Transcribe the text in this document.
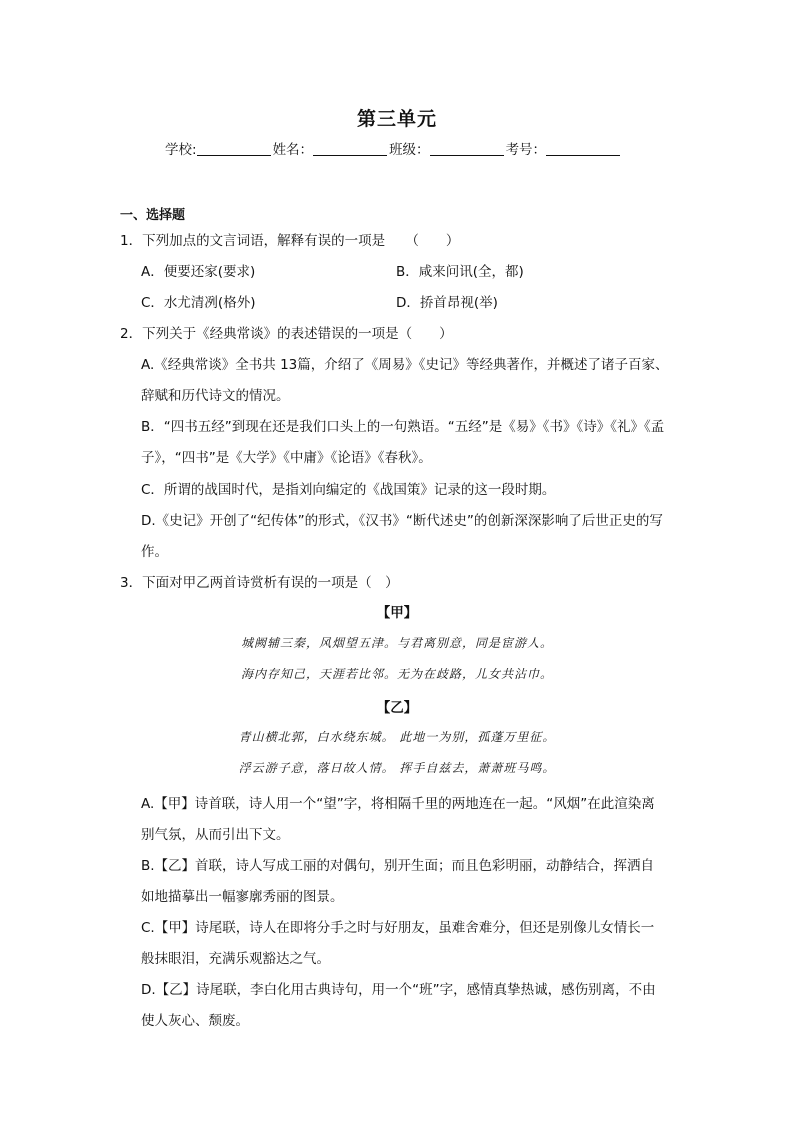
第三单元
学校:	姓名：	班级：	考号：
一、选择题
1．下列加点的文言词语，解释有误的一项是　　（　　）
A．便要还家(要求)	B．咸来问讯(全，都)
C．水尤清冽(格外)	D．挢首昂视(举)
2．下列关于《经典常谈》的表述错误的一项是（　　）
A.《经典常谈》全书共 13篇，介绍了《周易》《史记》等经典著作，并概述了诸子百家、
辞赋和历代诗文的情况。
B．“四书五经”到现在还是我们口头上的一句熟语。“五经”是《易》《书》《诗》《礼》《孟
子》，“四书”是《大学》《中庸》《论语》《春秋》。
C．所谓的战国时代，是指刘向编定的《战国策》记录的这一段时期。
D.《史记》开创了“纪传体”的形式，《汉书》“断代述史”的创新深深影响了后世正史的写
作。
3．下面对甲乙两首诗赏析有误的一项是（　）
【甲】
城阙辅三秦，风烟望五津。与君离别意，同是宦游人。
海内存知己，天涯若比邻。无为在歧路，儿女共沾巾。
【乙】
青山横北郭，白水绕东城。 此地一为别，孤蓬万里征。
浮云游子意，落日故人情。 挥手自兹去，萧萧班马鸣。
A.【甲】诗首联，诗人用一个“望”字，将相隔千里的两地连在一起。“风烟”在此渲染离
别气氛，从而引出下文。
B.【乙】首联，诗人写成工丽的对偶句，别开生面；而且色彩明丽，动静结合，挥洒自
如地描摹出一幅寥廓秀丽的图景。
C.【甲】诗尾联，诗人在即将分手之时与好朋友，虽难舍难分，但还是别像儿女情长一
般抹眼泪，充满乐观豁达之气。
D.【乙】诗尾联，李白化用古典诗句，用一个“班”字，感情真挚热诚，感伤别离，不由
使人灰心、颓废。
